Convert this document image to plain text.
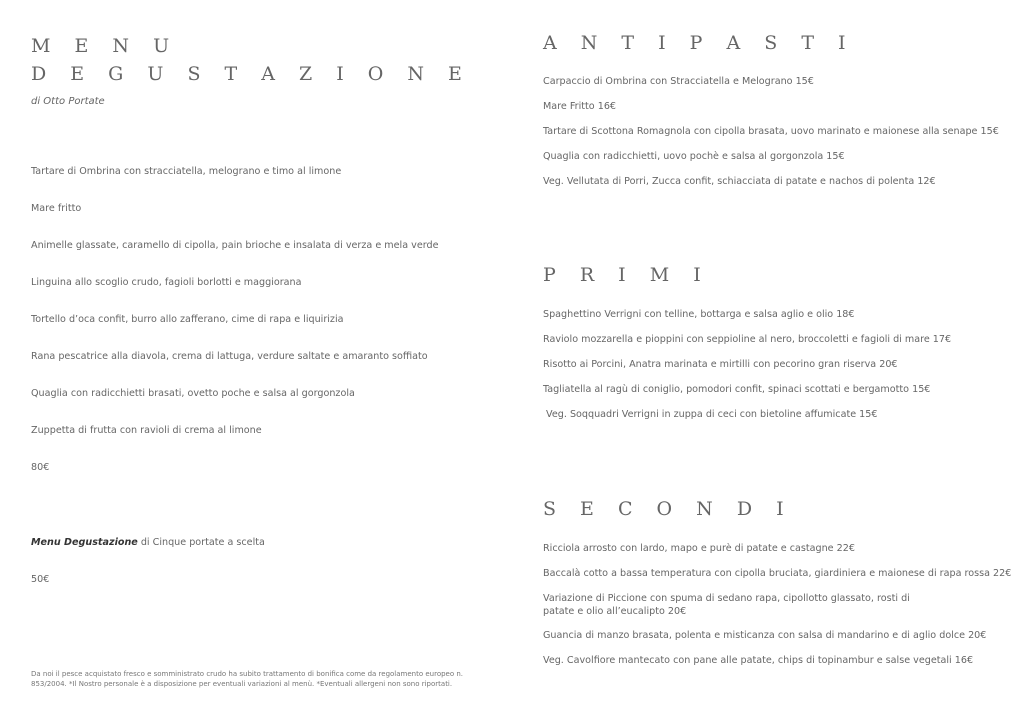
M E N U
D E G U S T A Z I O N E
di Otto Portate
Tartare di Ombrina con stracciatella, melograno e timo al limone
Mare fritto
Animelle glassate, caramello di cipolla, pain brioche e insalata di verza e mela verde
Linguina allo scoglio crudo, fagioli borlotti e maggiorana
Tortello d’oca confit, burro allo zafferano, cime di rapa e liquirizia
Rana pescatrice alla diavola, crema di lattuga, verdure saltate e amaranto soffiato
Quaglia con radicchietti brasati, ovetto poche e salsa al gorgonzola
Zuppetta di frutta con ravioli di crema al limone
80€
Menu Degustazione di Cinque portate a scelta
50€
Da noi il pesce acquistato fresco e somministrato crudo ha subito trattamento di bonifica come da regolamento europeo n. 853/2004. *Il Nostro personale è a disposizione per eventuali variazioni al menù. *Eventuali allergeni non sono riportati.
A N T I P A S T I
Carpaccio di Ombrina con Stracciatella e Melograno 15€
Mare Fritto 16€
Tartare di Scottona Romagnola con cipolla brasata, uovo marinato e maionese alla senape 15€
Quaglia con radicchietti, uovo pochè e salsa al gorgonzola 15€
Veg. Vellutata di Porri, Zucca confit, schiacciata di patate e nachos di polenta 12€
P R I M I
Spaghettino Verrigni con telline, bottarga e salsa aglio e olio 18€
Raviolo mozzarella e pioppini con seppioline al nero, broccoletti e fagioli di mare 17€
Risotto ai Porcini, Anatra marinata e mirtilli con pecorino gran riserva 20€
Tagliatella al ragù di coniglio, pomodori confit, spinaci scottati e bergamotto 15€
Veg. Soqquadri Verrigni in zuppa di ceci con bietoline affumicate 15€
S E C O N D I
Ricciola arrosto con lardo, mapo e purè di patate e castagne 22€
Baccalà cotto a bassa temperatura con cipolla bruciata, giardiniera e maionese di rapa rossa 22€
Variazione di Piccione con spuma di sedano rapa, cipollotto glassato, rosti di patate e olio all’eucalipto 20€
Guancia di manzo brasata, polenta e misticanza con salsa di mandarino e di aglio dolce 20€
Veg. Cavolfiore mantecato con pane alle patate, chips di topinambur e salse vegetali 16€
